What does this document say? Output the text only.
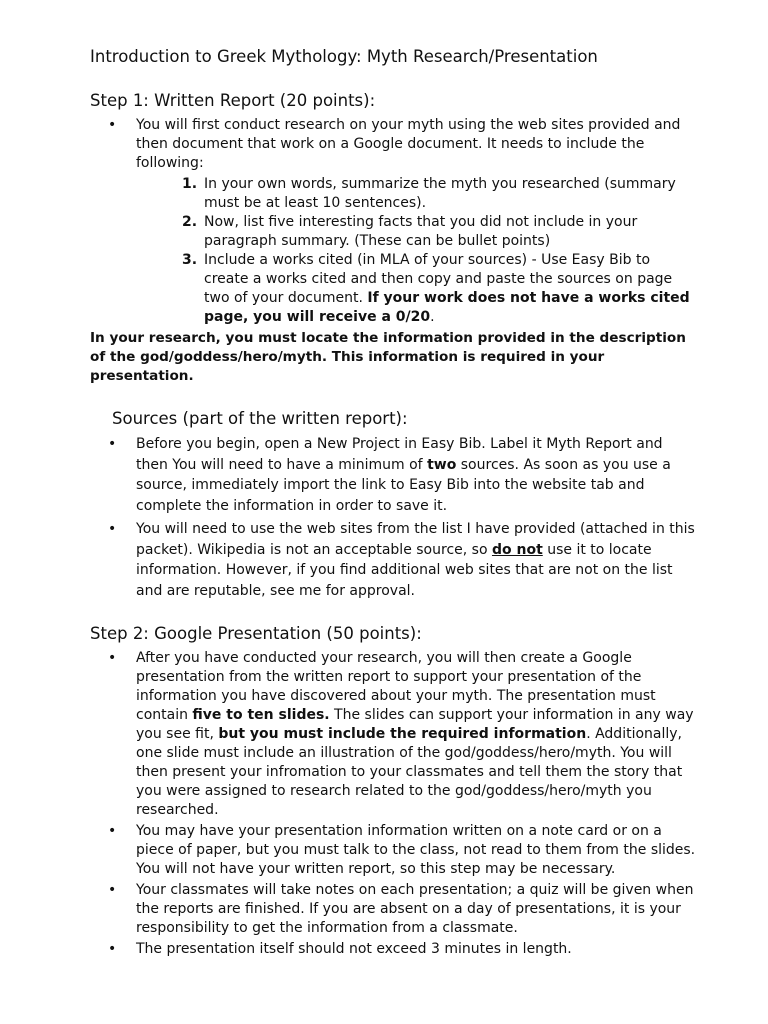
Introduction to Greek Mythology: Myth Research/Presentation
Step 1: Written Report (20 points):
• You will first conduct research on your myth using the web sites provided and then document that work on a Google document. It needs to include the following:
1. In your own words, summarize the myth you researched (summary must be at least 10 sentences).
2. Now, list five interesting facts that you did not include in your paragraph summary. (These can be bullet points)
3. Include a works cited (in MLA of your sources) - Use Easy Bib to create a works cited and then copy and paste the sources on page two of your document. If your work does not have a works cited page, you will receive a 0/20.
In your research, you must locate the information provided in the description of the god/goddess/hero/myth. This information is required in your presentation.
Sources (part of the written report):
• Before you begin, open a New Project in Easy Bib. Label it Myth Report and then You will need to have a minimum of two sources. As soon as you use a source, immediately import the link to Easy Bib into the website tab and complete the information in order to save it.
• You will need to use the web sites from the list I have provided (attached in this packet). Wikipedia is not an acceptable source, so do not use it to locate information. However, if you find additional web sites that are not on the list and are reputable, see me for approval.
Step 2: Google Presentation (50 points):
• After you have conducted your research, you will then create a Google presentation from the written report to support your presentation of the information you have discovered about your myth. The presentation must contain five to ten slides. The slides can support your information in any way you see fit, but you must include the required information. Additionally, one slide must include an illustration of the god/goddess/hero/myth. You will then present your infromation to your classmates and tell them the story that you were assigned to research related to the god/goddess/hero/myth you researched.
• You may have your presentation information written on a note card or on a piece of paper, but you must talk to the class, not read to them from the slides. You will not have your written report, so this step may be necessary.
• Your classmates will take notes on each presentation; a quiz will be given when the reports are finished. If you are absent on a day of presentations, it is your responsibility to get the information from a classmate.
• The presentation itself should not exceed 3 minutes in length.
